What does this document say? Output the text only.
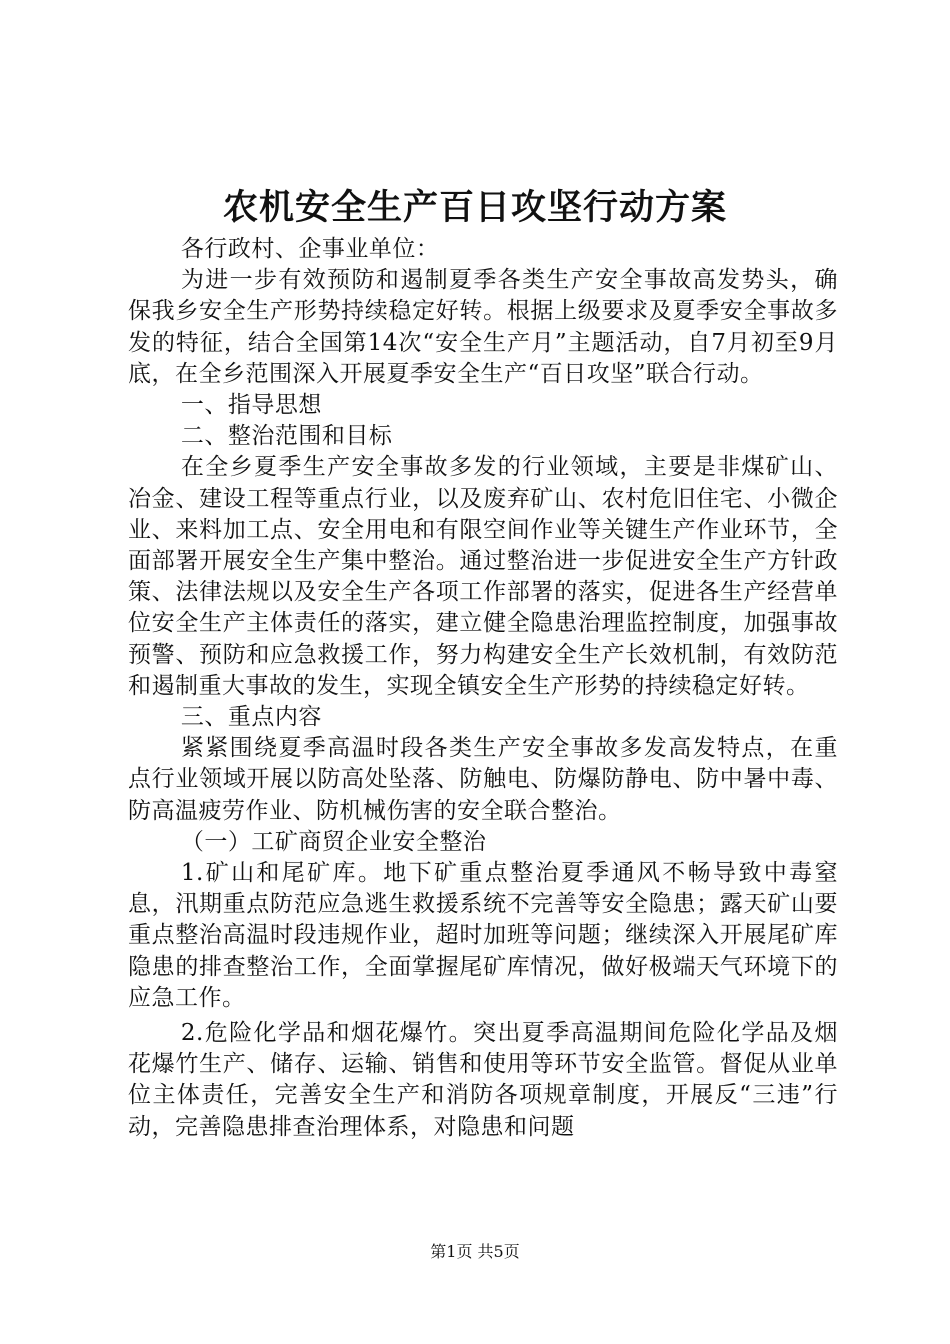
农机安全生产百日攻坚行动方案

各行政村、企事业单位：

为进一步有效预防和遏制夏季各类生产安全事故高发势头，确保我乡安全生产形势持续稳定好转。根据上级要求及夏季安全事故多发的特征，结合全国第14次“安全生产月”主题活动，自7月初至9月底，在全乡范围深入开展夏季安全生产“百日攻坚”联合行动。

一、指导思想

二、整治范围和目标

在全乡夏季生产安全事故多发的行业领域，主要是非煤矿山、冶金、建设工程等重点行业，以及废弃矿山、农村危旧住宅、小微企业、来料加工点、安全用电和有限空间作业等关键生产作业环节，全面部署开展安全生产集中整治。通过整治进一步促进安全生产方针政策、法律法规以及安全生产各项工作部署的落实，促进各生产经营单位安全生产主体责任的落实，建立健全隐患治理监控制度，加强事故预警、预防和应急救援工作，努力构建安全生产长效机制，有效防范和遏制重大事故的发生，实现全镇安全生产形势的持续稳定好转。

三、重点内容

紧紧围绕夏季高温时段各类生产安全事故多发高发特点，在重点行业领域开展以防高处坠落、防触电、防爆防静电、防中暑中毒、防高温疲劳作业、防机械伤害的安全联合整治。

（一）工矿商贸企业安全整治

1.矿山和尾矿库。地下矿重点整治夏季通风不畅导致中毒窒息，汛期重点防范应急逃生救援系统不完善等安全隐患；露天矿山要重点整治高温时段违规作业，超时加班等问题；继续深入开展尾矿库隐患的排查整治工作，全面掌握尾矿库情况，做好极端天气环境下的应急工作。

2.危险化学品和烟花爆竹。突出夏季高温期间危险化学品及烟花爆竹生产、储存、运输、销售和使用等环节安全监管。督促从业单位主体责任，完善安全生产和消防各项规章制度，开展反“三违”行动，完善隐患排查治理体系，对隐患和问题

第1页 共5页
